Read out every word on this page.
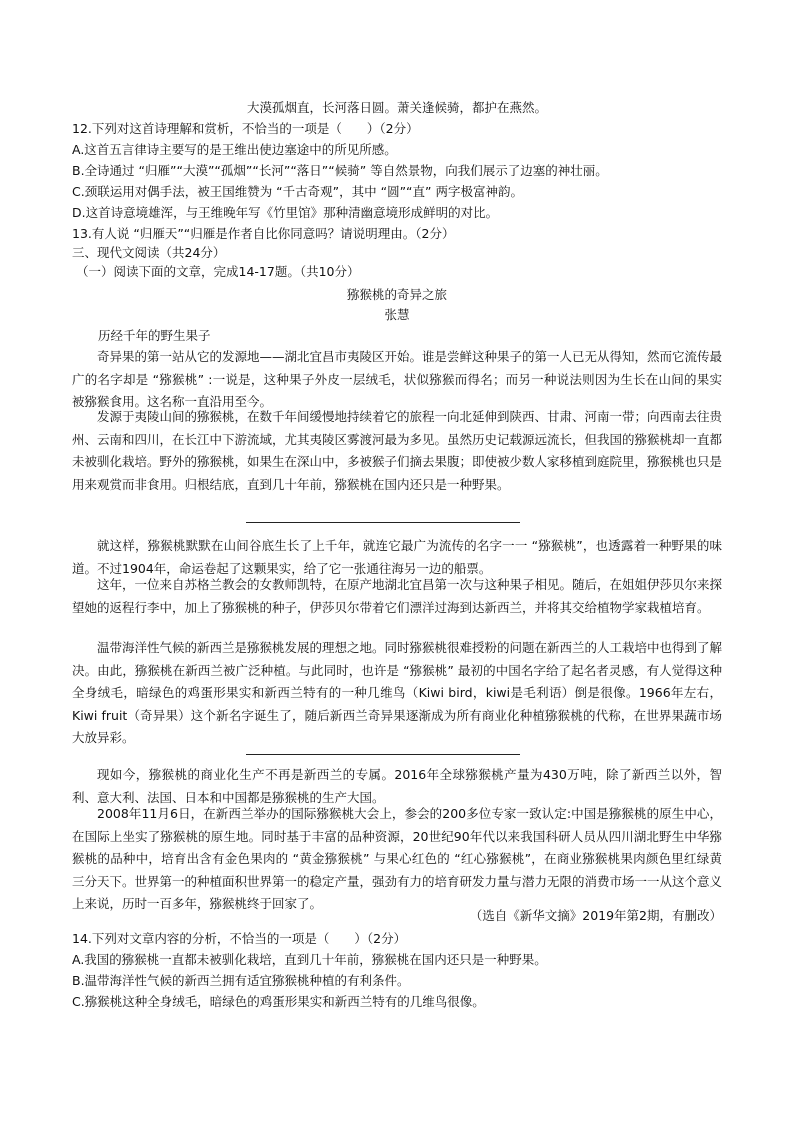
大漠孤烟直，长河落日圆。萧关逢候骑，都护在燕然。
12.下列对这首诗理解和赏析，不恰当的一项是（　　）（2分）
A.这首五言律诗主要写的是王维出使边塞途中的所见所感。
B.全诗通过 “归雁”“大漠”“孤烟”“长河”“落日”“候骑” 等自然景物，向我们展示了边塞的神壮丽。
C.颈联运用对偶手法，被王国维赞为 “千古奇观”，其中 “圆”“直” 两字极富神韵。
D.这首诗意境雄浑，与王维晚年写《竹里馆》那种清幽意境形成鲜明的对比。
13.有人说 “归雁天”“归雁是作者自比你同意吗？请说明理由。（2分）
三、现代文阅读（共24分）
（一）阅读下面的文章，完成14-17题。（共10分）
猕猴桃的奇异之旅
张慧
历经千年的野生果子
奇异果的第一站从它的发源地——湖北宜昌市夷陵区开始。谁是尝鲜这种果子的第一人已无从得知，然而它流传最广的名字却是 “猕猴桃” :一说是，这种果子外皮一层绒毛，状似猕猴而得名；而另一种说法则因为生长在山间的果实被猕猴食用。这名称一直沿用至今。
发源于夷陵山间的猕猴桃，在数千年间缓慢地持续着它的旅程一向北延伸到陕西、甘肃、河南一带；向西南去往贵州、云南和四川，在长江中下游流域，尤其夷陵区雾渡河最为多见。虽然历史记载源远流长，但我国的猕猴桃却一直都未被驯化栽培。野外的猕猴桃，如果生在深山中，多被猴子们摘去果腹；即使被少数人家移植到庭院里，猕猴桃也只是用来观赏而非食用。归根结底，直到几十年前，猕猴桃在国内还只是一种野果。
就这样，猕猴桃默默在山间谷底生长了上千年，就连它最广为流传的名字一一 “猕猴桃”，也透露着一种野果的味道。不过1904年，命运卷起了这颗果实，给了它一张通往海另一边的船票。
这年，一位来自苏格兰教会的女教师凯特，在原产地湖北宜昌第一次与这种果子相见。随后，在姐姐伊莎贝尔来探望她的返程行李中，加上了猕猴桃的种子，伊莎贝尔带着它们漂洋过海到达新西兰，并将其交给植物学家栽植培育。
温带海洋性气候的新西兰是猕猴桃发展的理想之地。同时猕猴桃很难授粉的问题在新西兰的人工栽培中也得到了解决。由此，猕猴桃在新西兰被广泛种植。与此同时，也许是 “猕猴桃” 最初的中国名字给了起名者灵感，有人觉得这种全身绒毛，暗绿色的鸡蛋形果实和新西兰特有的一种几维鸟（Kiwi bird，kiwi是毛利语）倒是很像。1966年左右， Kiwi fruit（奇异果）这个新名字诞生了，随后新西兰奇异果逐渐成为所有商业化种植猕猴桃的代称，在世界果蔬市场大放异彩。
现如今，猕猴桃的商业化生产不再是新西兰的专属。2016年全球猕猴桃产量为430万吨，除了新西兰以外，智利、意大利、法国、日本和中国都是猕猴桃的生产大国。
2008年11月6日，在新西兰举办的国际猕猴桃大会上，参会的200多位专家一致认定:中国是猕猴桃的原生中心，在国际上坐实了猕猴桃的原生地。同时基于丰富的品种资源，20世纪90年代以来我国科研人员从四川湖北野生中华猕猴桃的品种中，培育出含有金色果肉的 “黄金猕猴桃” 与果心红色的 “红心猕猴桃”，在商业猕猴桃果肉颜色里红绿黄三分天下。世界第一的种植面积世界第一的稳定产量，强劲有力的培育研发力量与潜力无限的消费市场一一从这个意义上来说，历时一百多年，猕猴桃终于回家了。
（选自《新华文摘》2019年第2期，有删改）
14.下列对文章内容的分析，不恰当的一项是（　　）（2分）
A.我国的猕猴桃一直都未被驯化栽培，直到几十年前，猕猴桃在国内还只是一种野果。
B.温带海洋性气候的新西兰拥有适宜猕猴桃种植的有利条件。
C.猕猴桃这种全身绒毛，暗绿色的鸡蛋形果实和新西兰特有的几维鸟很像。
